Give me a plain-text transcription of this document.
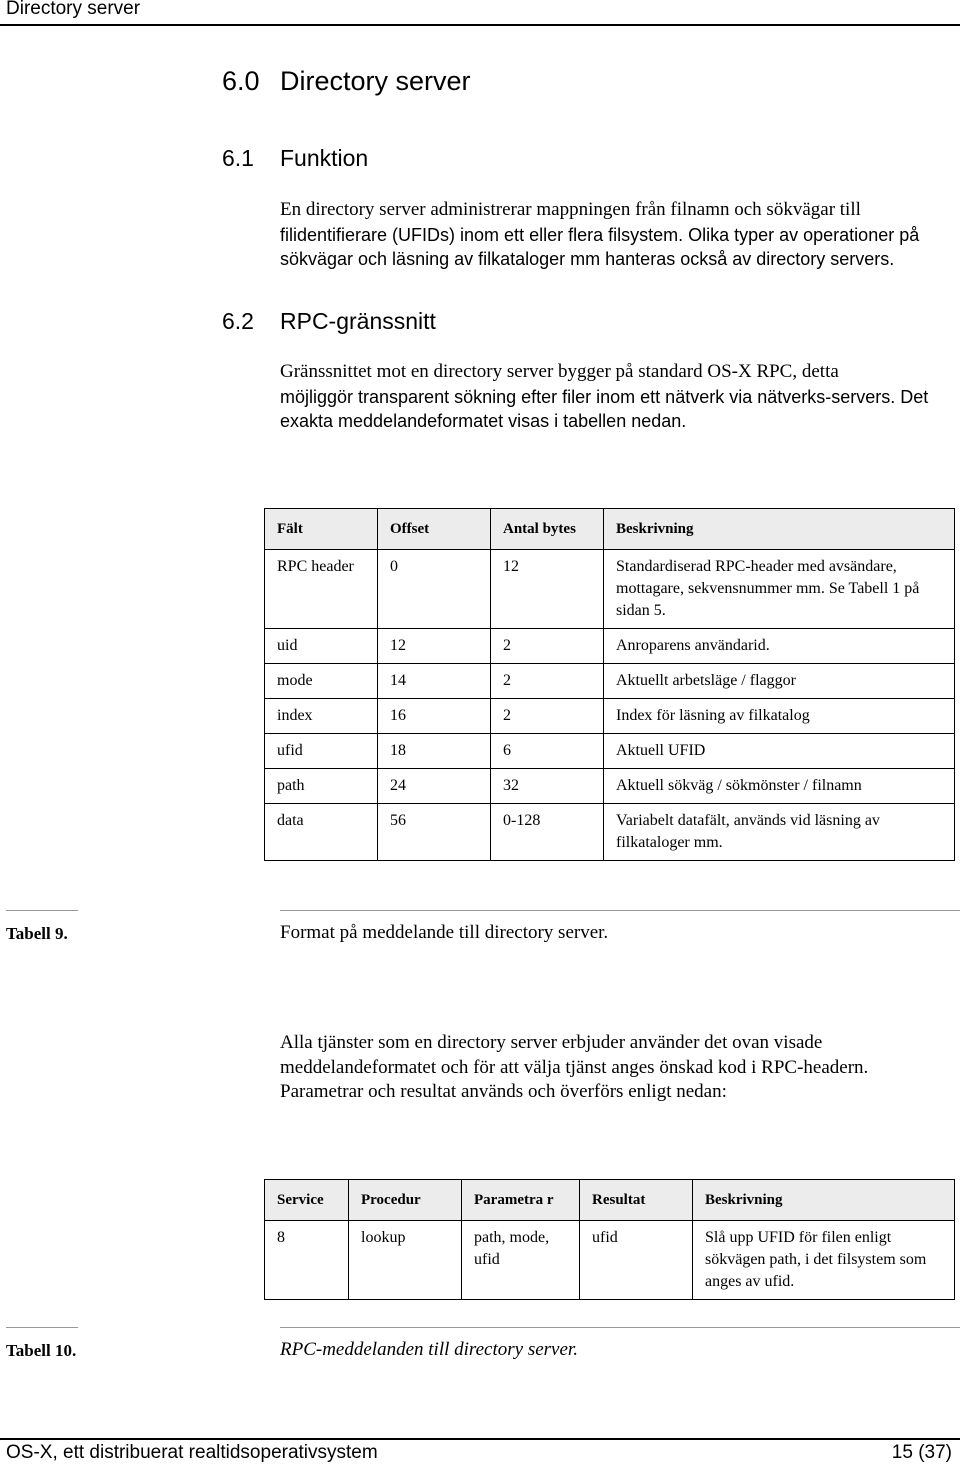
Directory server
6.0 Directory server
6.1 Funktion
En directory server administrerar mappningen från filnamn och sökvägar till
filidentifierare (UFIDs) inom ett eller flera filsystem. Olika typer av operationer på
sökvägar och läsning av filkataloger mm hanteras också av directory servers.
6.2 RPC-gränssnitt
Gränssnittet mot en directory server bygger på standard OS-X RPC, detta
möjliggör transparent sökning efter filer inom ett nätverk via nätverks-servers. Det
exakta meddelandeformatet visas i tabellen nedan.
Fält	Offset	Antal bytes	Beskrivning
RPC header	0	12	Standardiserad RPC-header med avsändare, mottagare, sekvensnummer mm. Se Tabell 1 på sidan 5.
uid	12	2	Anroparens användarid.
mode	14	2	Aktuellt arbetsläge / flaggor
index	16	2	Index för läsning av filkatalog
ufid	18	6	Aktuell UFID
path	24	32	Aktuell sökväg / sökmönster / filnamn
data	56	0-128	Variabelt datafält, används vid läsning av filkataloger mm.
Tabell 9.	Format på meddelande till directory server.
Alla tjänster som en directory server erbjuder använder det ovan visade
meddelandeformatet och för att välja tjänst anges önskad kod i RPC-headern.
Parametrar och resultat används och överförs enligt nedan:
Service	Procedur	Parametra r	Resultat	Beskrivning
8	lookup	path, mode, ufid	ufid	Slå upp UFID för filen enligt sökvägen path, i det filsystem som anges av ufid.
Tabell 10.	RPC-meddelanden till directory server.
OS-X, ett distribuerat realtidsoperativsystem	15 (37)
